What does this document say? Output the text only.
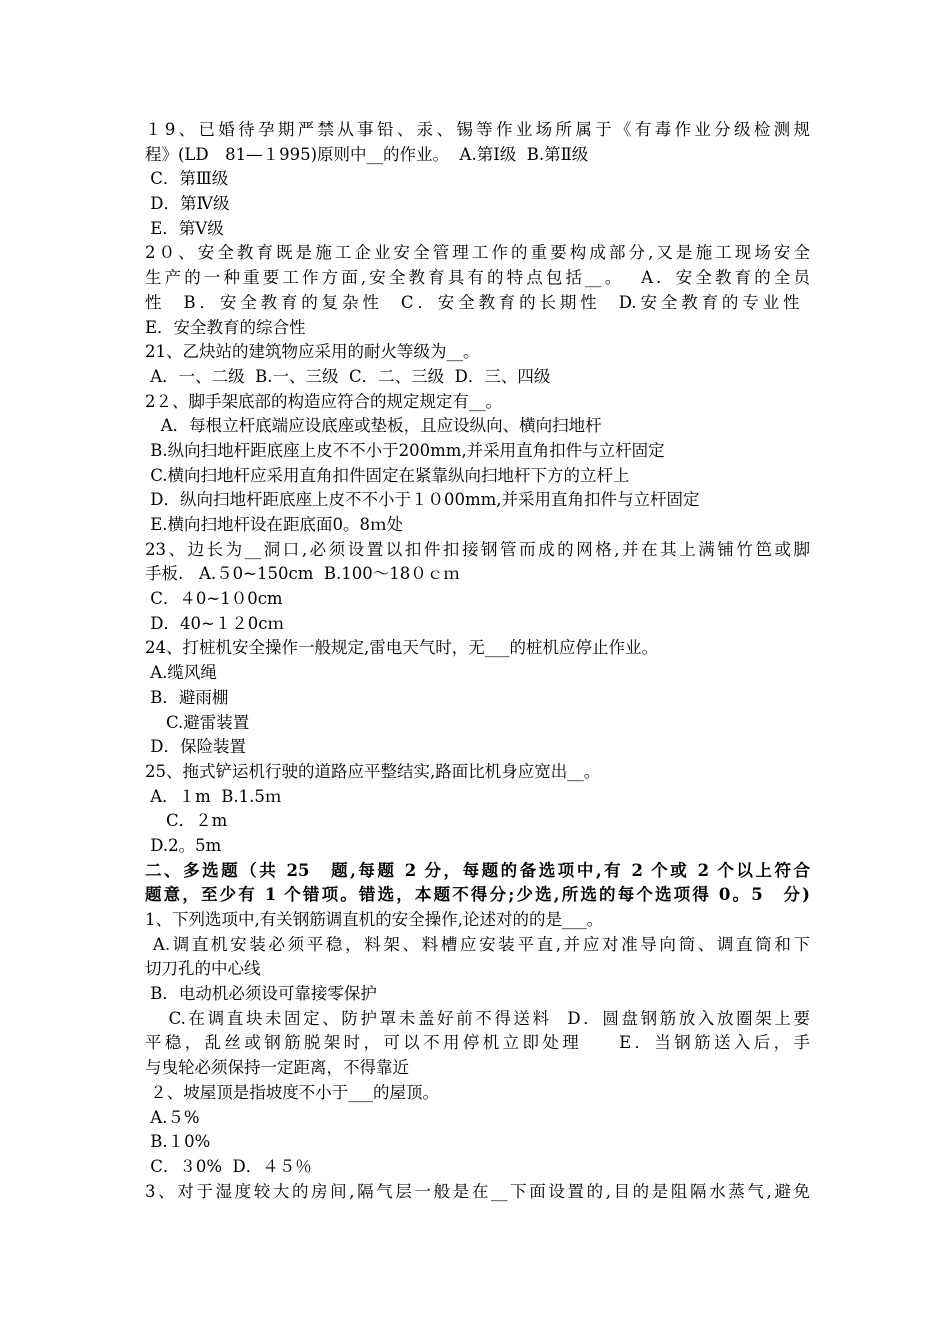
１9、已婚待孕期严禁从事铅、汞、锡等作业场所属于《有毒作业分级检测规
程》(LD　81—１995)原则中__的作业。  A.第Ⅰ级  B.第Ⅱ级
C．第Ⅲ级
D．第Ⅳ级
E．第Ⅴ级
2０、安全教育既是施工企业安全管理工作的重要构成部分,又是施工现场安全
生产的一种重要工作方面,安全教育具有的特点包括__。  A．安全教育的全员
性  B．安全教育的复杂性  C．安全教育的长期性  D.安全教育的专业性
E．安全教育的综合性
21、乙炔站的建筑物应采用的耐火等级为__。
A．一、二级  B.一、三级  C．二、三级  D．三、四级
2２、脚手架底部的构造应符合的规定规定有__。
A．每根立杆底端应设底座或垫板，且应设纵向、横向扫地杆
B.纵向扫地杆距底座上皮不不小于200mm,并采用直角扣件与立杆固定
C.横向扫地杆应采用直角扣件固定在紧靠纵向扫地杆下方的立杆上
D．纵向扫地杆距底座上皮不不小于１０00mm,并采用直角扣件与立杆固定
E.横向扫地杆设在距底面0。8ｍ处
23、边长为__洞口,必须设置以扣件扣接钢管而成的网格,并在其上满铺竹笆或脚
手板.   A.５0~150cm  B.100～18０ｃｍ
C．４0~1０0cm
D．40~１２0cｍ
24、打桩机安全操作一般规定,雷电天气时，无___的桩机应停止作业。
A.缆风绳
B．避雨棚
C.避雷装置
D．保险装置
25、拖式铲运机行驶的道路应平整结实,路面比机身应宽出__。
A．１m  B.1.5ｍ
C．２m
D.2。5m
二、多选题（共 25　题,每题 2 分，每题的备选项中,有 2 个或 2 个以上符合
题意，至少有 1 个错项。错选，本题不得分;少选,所选的每个选项得 0。5　分)
1、下列选项中,有关钢筋调直机的安全操作,论述对的的是___。
A.调直机安装必须平稳，料架、料槽应安装平直,并应对准导向筒、调直筒和下
切刀孔的中心线
B．电动机必须设可靠接零保护
C.在调直块未固定、防护罩未盖好前不得送料  D．圆盘钢筋放入放圈架上要
平稳，乱丝或钢筋脱架时，可以不用停机立即处理  　E．当钢筋送入后，手
与曳轮必须保持一定距离，不得靠近
２、坡屋顶是指坡度不小于___的屋顶。
A.５%
B.１0%
C．３0%  D．４５％
3、对于湿度较大的房间,隔气层一般是在__下面设置的,目的是阻隔水蒸气,避免
